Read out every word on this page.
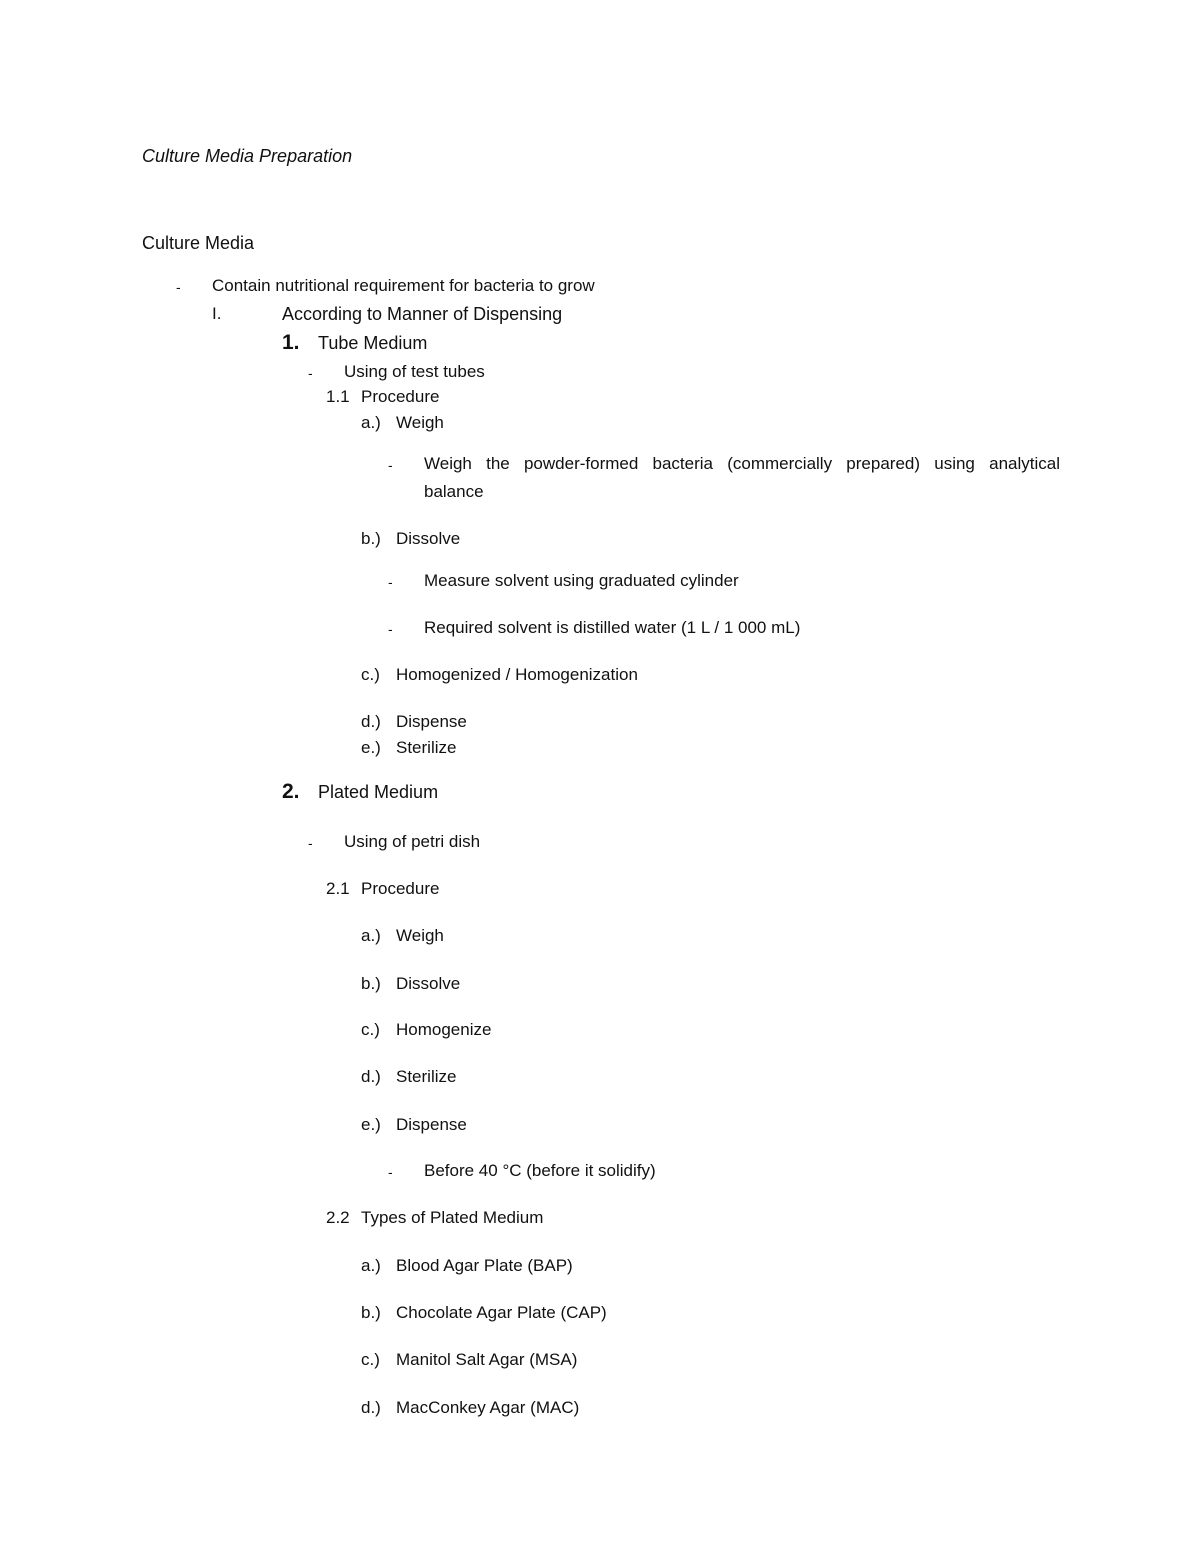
Culture Media Preparation
Culture Media
- Contain nutritional requirement for bacteria to grow
I.	According to Manner of Dispensing
1. Tube Medium
- Using of test tubes
1.1 Procedure
a.) Weigh
- Weigh the powder-formed bacteria (commercially prepared) using analytical
balance
b.) Dissolve
- Measure solvent using graduated cylinder
- Required solvent is distilled water (1 L / 1 000 mL)
c.) Homogenized / Homogenization
d.) Dispense
e.) Sterilize
2. Plated Medium
- Using of petri dish
2.1 Procedure
a.) Weigh
b.) Dissolve
c.) Homogenize
d.) Sterilize
e.) Dispense
- Before 40 °C (before it solidify)
2.2 Types of Plated Medium
a.) Blood Agar Plate (BAP)
b.) Chocolate Agar Plate (CAP)
c.) Manitol Salt Agar (MSA)
d.) MacConkey Agar (MAC)
